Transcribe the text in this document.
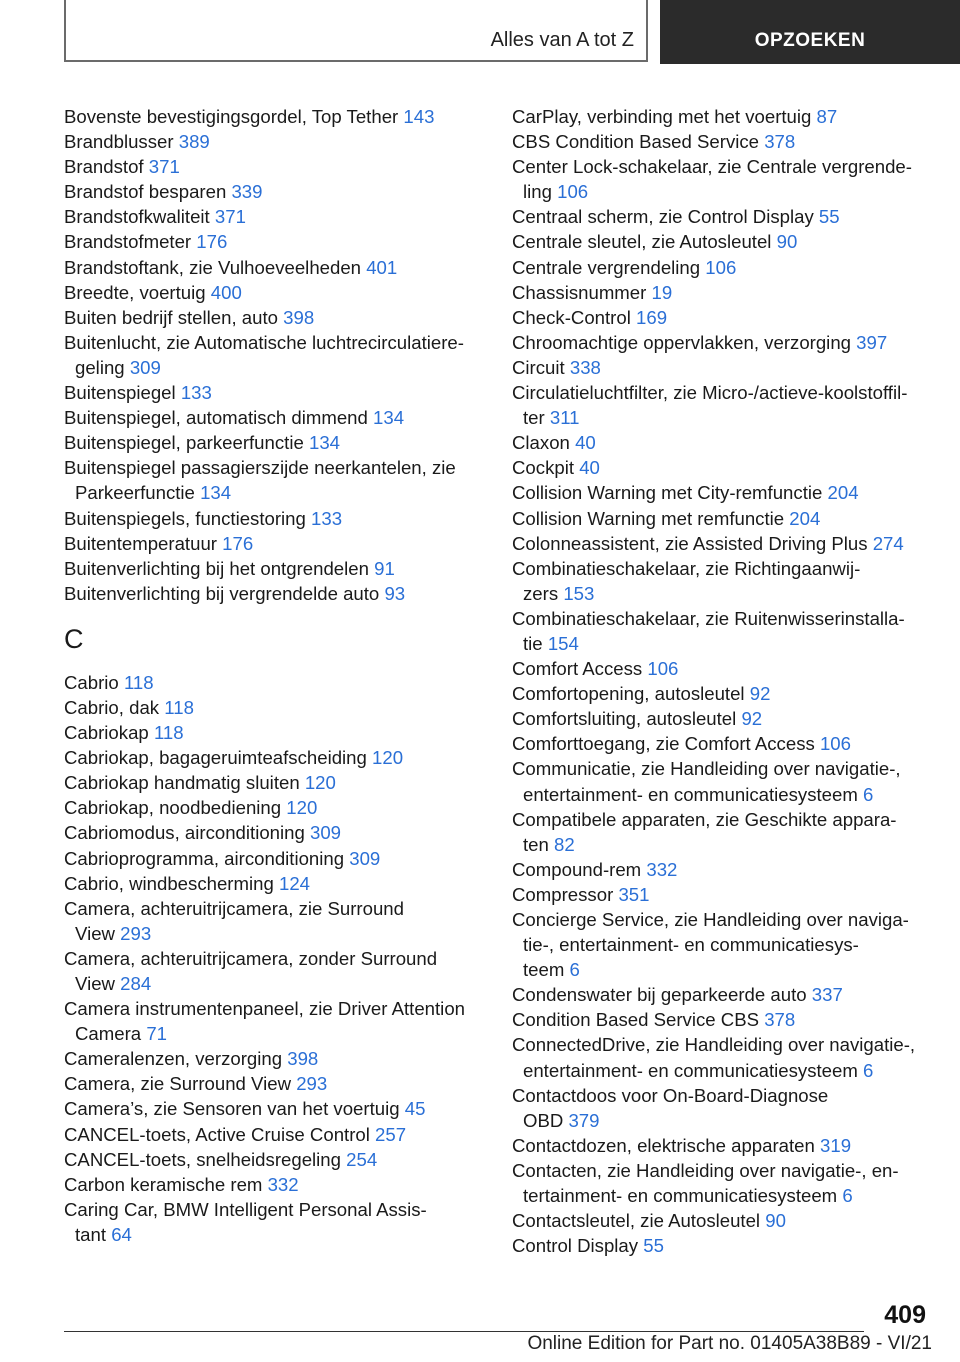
Alles van A tot Z	OPZOEKEN
Bovenste bevestigingsgordel, Top Tether 143
Brandblusser 389
Brandstof 371
Brandstof besparen 339
Brandstofkwaliteit 371
Brandstofmeter 176
Brandstoftank, zie Vulhoeveelheden 401
Breedte, voertuig 400
Buiten bedrijf stellen, auto 398
Buitenlucht, zie Automatische luchtrecirculatiere-
geling 309
Buitenspiegel 133
Buitenspiegel, automatisch dimmend 134
Buitenspiegel, parkeerfunctie 134
Buitenspiegel passagierszijde neerkantelen, zie
Parkeerfunctie 134
Buitenspiegels, functiestoring 133
Buitentemperatuur 176
Buitenverlichting bij het ontgrendelen 91
Buitenverlichting bij vergrendelde auto 93
C
Cabrio 118
Cabrio, dak 118
Cabriokap 118
Cabriokap, bagageruimteafscheiding 120
Cabriokap handmatig sluiten 120
Cabriokap, noodbediening 120
Cabriomodus, airconditioning 309
Cabrioprogramma, airconditioning 309
Cabrio, windbescherming 124
Camera, achteruitrijcamera, zie Surround
View 293
Camera, achteruitrijcamera, zonder Surround
View 284
Camera instrumentenpaneel, zie Driver Attention
Camera 71
Cameralenzen, verzorging 398
Camera, zie Surround View 293
Camera’s, zie Sensoren van het voertuig 45
CANCEL-toets, Active Cruise Control 257
CANCEL-toets, snelheidsregeling 254
Carbon keramische rem 332
Caring Car, BMW Intelligent Personal Assis-
tant 64
CarPlay, verbinding met het voertuig 87
CBS Condition Based Service 378
Center Lock-schakelaar, zie Centrale vergrende-
ling 106
Centraal scherm, zie Control Display 55
Centrale sleutel, zie Autosleutel 90
Centrale vergrendeling 106
Chassisnummer 19
Check-Control 169
Chroomachtige oppervlakken, verzorging 397
Circuit 338
Circulatieluchtfilter, zie Micro-/actieve-koolstoffil-
ter 311
Claxon 40
Cockpit 40
Collision Warning met City-remfunctie 204
Collision Warning met remfunctie 204
Colonneassistent, zie Assisted Driving Plus 274
Combinatieschakelaar, zie Richtingaanwij-
zers 153
Combinatieschakelaar, zie Ruitenwisserinstalla-
tie 154
Comfort Access 106
Comfortopening, autosleutel 92
Comfortsluiting, autosleutel 92
Comforttoegang, zie Comfort Access 106
Communicatie, zie Handleiding over navigatie-,
entertainment- en communicatiesysteem 6
Compatibele apparaten, zie Geschikte appara-
ten 82
Compound-rem 332
Compressor 351
Concierge Service, zie Handleiding over naviga-
tie-, entertainment- en communicatiesys-
teem 6
Condenswater bij geparkeerde auto 337
Condition Based Service CBS 378
ConnectedDrive, zie Handleiding over navigatie-,
entertainment- en communicatiesysteem 6
Contactdoos voor On-Board-Diagnose
OBD 379
Contactdozen, elektrische apparaten 319
Contacten, zie Handleiding over navigatie-, en-
tertainment- en communicatiesysteem 6
Contactsleutel, zie Autosleutel 90
Control Display 55
409
Online Edition for Part no. 01405A38B89 - VI/21
